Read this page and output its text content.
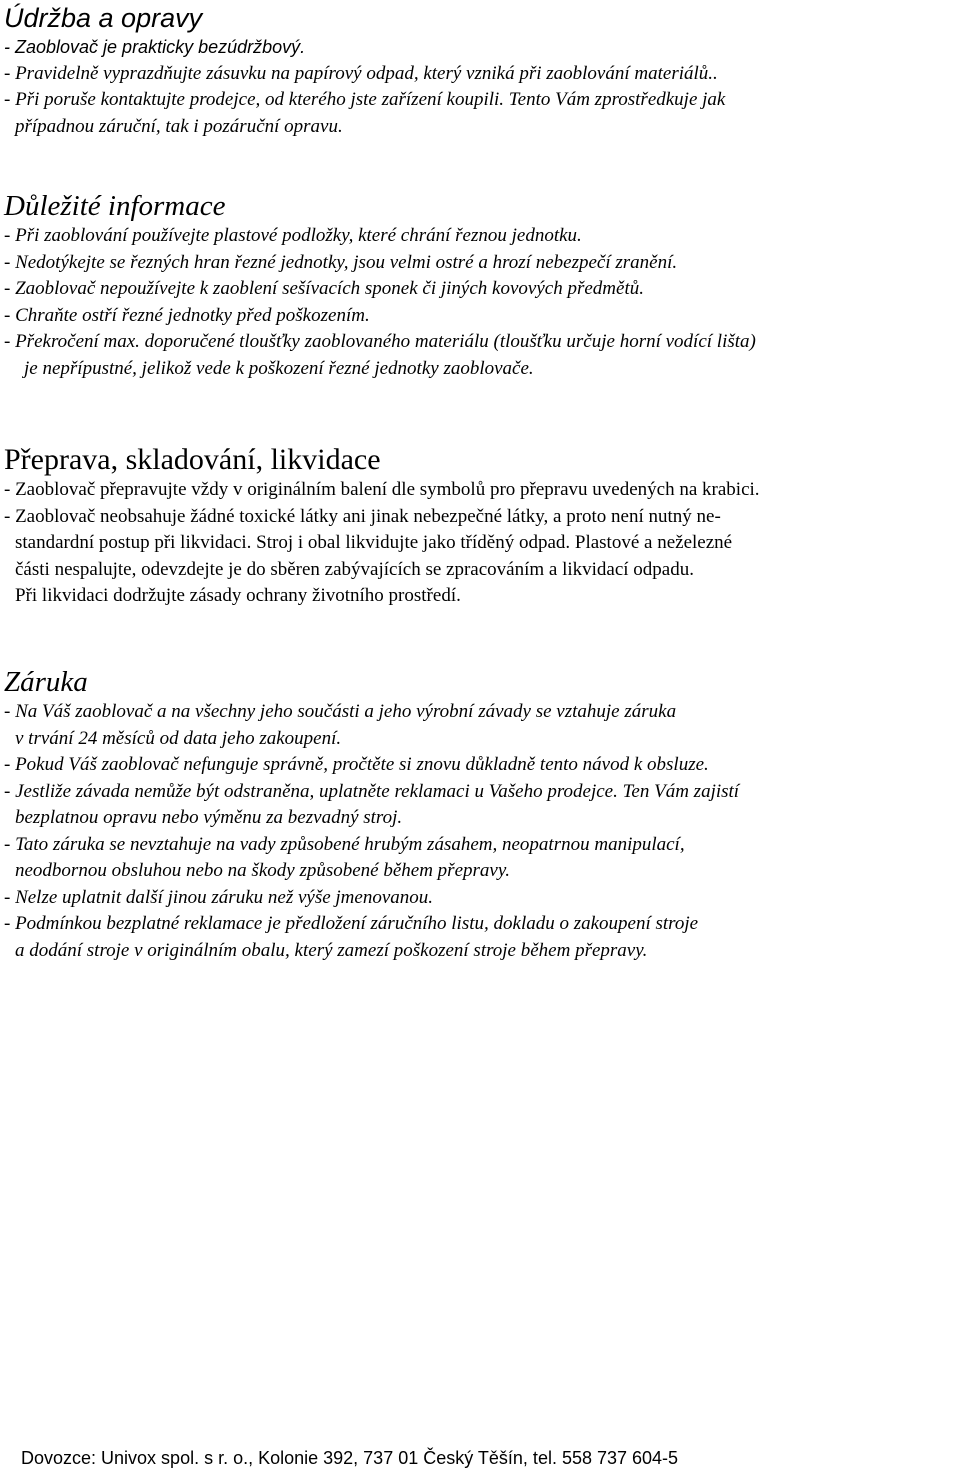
Údržba a opravy
- Zaoblovač je prakticky bezúdržbový.
- Pravidelně vyprazdňujte zásuvku na papírový odpad, který vzniká při zaoblování materiálů..
- Při poruše kontaktujte prodejce, od kterého jste zařízení koupili. Tento Vám zprostředkuje jak
případnou záruční, tak i pozáruční opravu.
Důležité informace
- Při zaoblování používejte plastové podložky, které chrání řeznou jednotku.
- Nedotýkejte se řezných hran řezné jednotky, jsou velmi ostré a hrozí nebezpečí zranění.
- Zaoblovač nepoužívejte k zaoblení sešívacích sponek či jiných kovových předmětů.
- Chraňte ostří řezné jednotky před poškozením.
- Překročení max. doporučené tloušťky zaoblovaného materiálu (tloušťku určuje horní vodící lišta)
je nepřípustné, jelikož vede k poškození řezné jednotky zaoblovače.
Přeprava, skladování, likvidace
- Zaoblovač přepravujte vždy v originálním balení dle symbolů pro přepravu uvedených na krabici.
- Zaoblovač neobsahuje žádné toxické látky ani jinak nebezpečné látky, a proto není nutný ne-
standardní postup při likvidaci. Stroj i obal likvidujte jako tříděný odpad. Plastové a neželezné
části nespalujte, odevzdejte je do sběren zabývajících se zpracováním a likvidací odpadu.
Při likvidaci dodržujte zásady ochrany životního prostředí.
Záruka
- Na Váš zaoblovač a na všechny jeho součásti a jeho výrobní závady se vztahuje záruka
v trvání 24 měsíců od data jeho zakoupení.
- Pokud Váš zaoblovač nefunguje správně, pročtěte si znovu důkladně tento návod k obsluze.
- Jestliže závada nemůže být odstraněna, uplatněte reklamaci u Vašeho prodejce. Ten Vám zajistí
bezplatnou opravu nebo výměnu za bezvadný stroj.
- Tato záruka se nevztahuje na vady způsobené hrubým zásahem, neopatrnou manipulací,
neodbornou obsluhou nebo na škody způsobené během přepravy.
- Nelze uplatnit další jinou záruku než výše jmenovanou.
- Podmínkou bezplatné reklamace je předložení záručního listu, dokladu o zakoupení stroje
a dodání stroje v originálním obalu, který zamezí poškození stroje během přepravy.
Dovozce: Univox spol. s r. o., Kolonie 392, 737 01 Český Těšín, tel. 558 737 604-5
